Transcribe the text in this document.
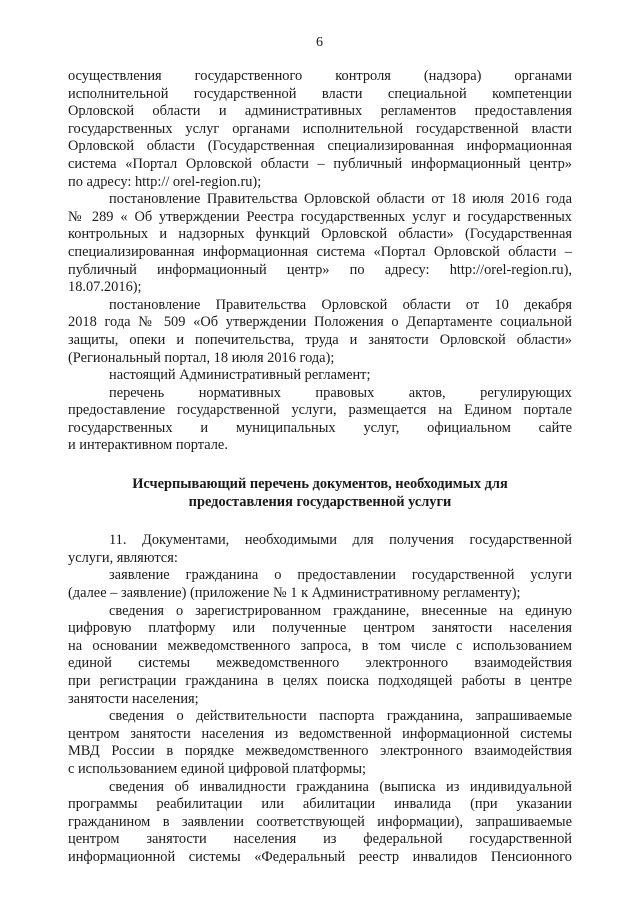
6
осуществления государственного контроля (надзора) органами
исполнительной государственной власти специальной компетенции
Орловской области и административных регламентов предоставления
государственных услуг органами исполнительной государственной власти
Орловской области (Государственная специализированная информационная
система «Портал Орловской области – публичный информационный центр»
по адресу: http:// orel-region.ru);
постановление Правительства Орловской области от 18 июля 2016 года
№ 289 « Об утверждении Реестра государственных услуг и государственных
контрольных и надзорных функций Орловской области» (Государственная
специализированная информационная система «Портал Орловской области –
публичный информационный центр» по адресу: http://orel-region.ru),
18.07.2016);
постановление Правительства Орловской области от 10 декабря
2018 года № 509 «Об утверждении Положения о Департаменте социальной
защиты, опеки и попечительства, труда и занятости Орловской области»
(Региональный портал, 18 июля 2016 года);
настоящий Административный регламент;
перечень нормативных правовых актов, регулирующих
предоставление государственной услуги, размещается на Едином портале
государственных и муниципальных услуг, официальном сайте
и интерактивном портале.
Исчерпывающий перечень документов, необходимых для
предоставления государственной услуги
11. Документами, необходимыми для получения государственной
услуги, являются:
заявление гражданина о предоставлении государственной услуги
(далее – заявление) (приложение № 1 к Административному регламенту);
сведения о зарегистрированном гражданине, внесенные на единую
цифровую платформу или полученные центром занятости населения
на основании межведомственного запроса, в том числе с использованием
единой системы межведомственного электронного взаимодействия
при регистрации гражданина в целях поиска подходящей работы в центре
занятости населения;
сведения о действительности паспорта гражданина, запрашиваемые
центром занятости населения из ведомственной информационной системы
МВД России в порядке межведомственного электронного взаимодействия
с использованием единой цифровой платформы;
сведения об инвалидности гражданина (выписка из индивидуальной
программы реабилитации или абилитации инвалида (при указании
гражданином в заявлении соответствующей информации), запрашиваемые
центром занятости населения из федеральной государственной
информационной системы «Федеральный реестр инвалидов Пенсионного
